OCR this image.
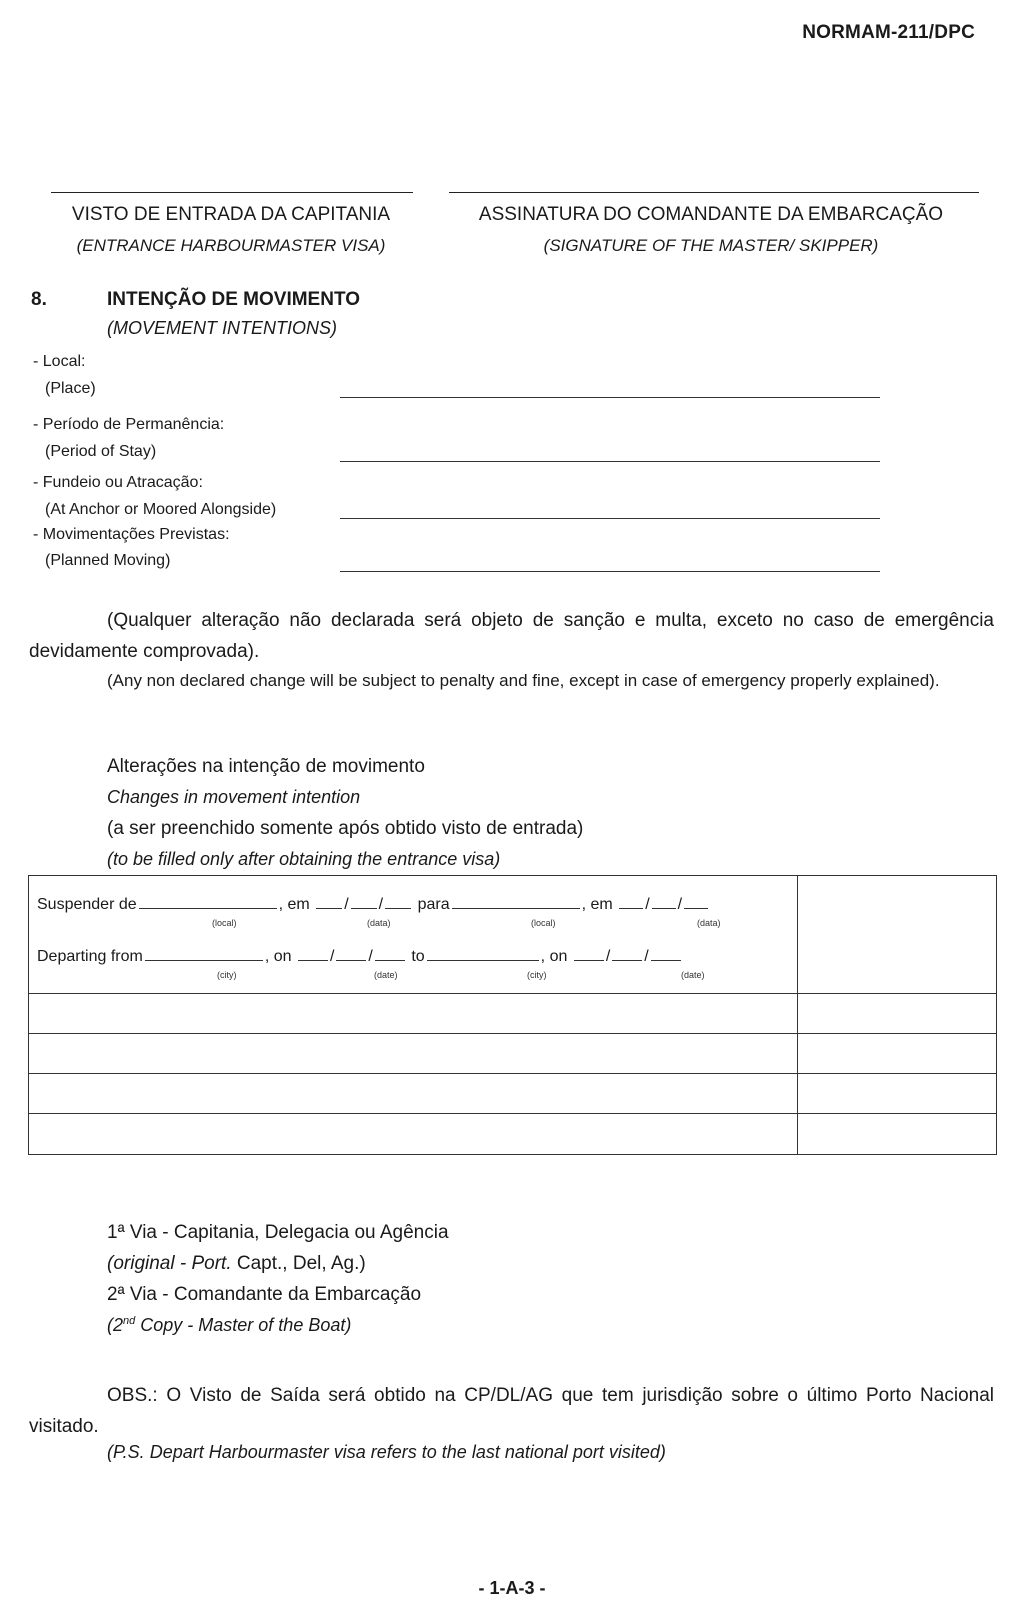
NORMAM-211/DPC
VISTO DE ENTRADA DA CAPITANIA
(ENTRANCE HARBOURMASTER VISA)
ASSINATURA DO COMANDANTE DA EMBARCAÇÃO
(SIGNATURE OF THE MASTER/ SKIPPER)
8.	INTENÇÃO DE MOVIMENTO
(MOVEMENT INTENTIONS)
- Local:
(Place)
- Período de Permanência:
(Period of Stay)
- Fundeio ou Atracação:
(At Anchor or Moored Alongside)
- Movimentações Previstas:
(Planned Moving)
(Qualquer alteração não declarada será objeto de sanção e multa, exceto no caso de emergência devidamente comprovada).
(Any non declared change will be subject to penalty and fine, except in case of emergency properly explained).
Alterações na intenção de movimento
Changes in movement intention
(a ser preenchido somente após obtido visto de entrada)
(to be filled only after obtaining the entrance visa)
Suspender de	, em / / para	, em / /
(local)	(data)	(local)	(data)
Departing from	, on / / to	, on / /
(city)	(date)	(city)	(date)
1ª Via - Capitania, Delegacia ou Agência
(original - Port. Capt., Del, Ag.)
2ª Via - Comandante da Embarcação
(2nd Copy - Master of the Boat)
OBS.: O Visto de Saída será obtido na CP/DL/AG que tem jurisdição sobre o último Porto Nacional visitado.
(P.S. Depart Harbourmaster visa refers to the last national port visited)
- 1-A-3 -
